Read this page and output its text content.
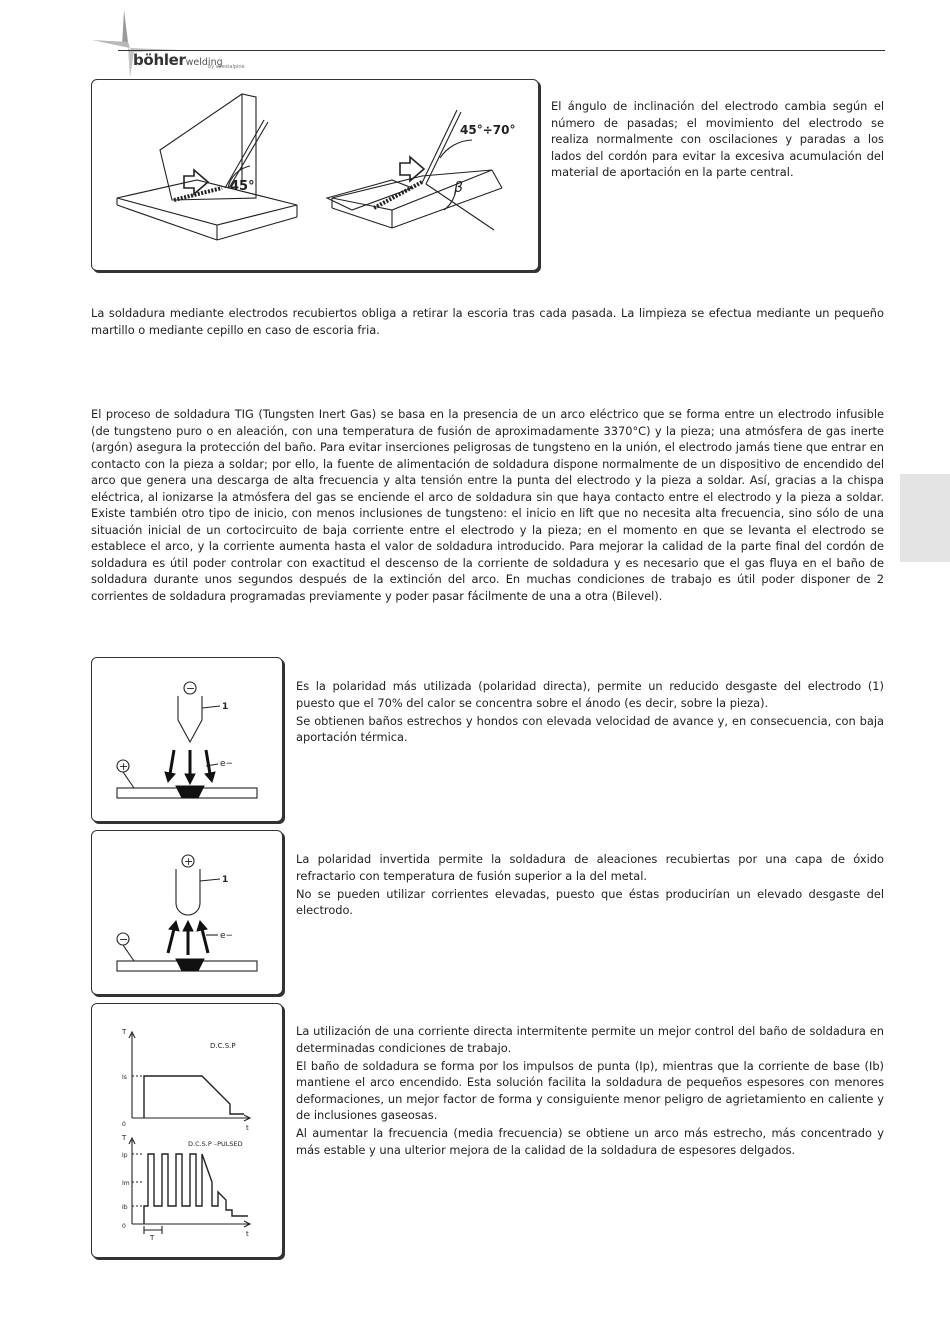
böhlerwelding
by voestalpine
45°
45°÷70°
β

El ángulo de inclinación del electrodo cambia según el número de pasadas; el movimiento del electrodo se realiza normalmente con oscilaciones y paradas a los lados del cordón para evitar la excesiva acumulación del material de aportación en la parte central.

La soldadura mediante electrodos recubiertos obliga a retirar la escoria tras cada pasada. La limpieza se efectua mediante un pequeño martillo o mediante cepillo en caso de escoria fria.

El proceso de soldadura TIG (Tungsten Inert Gas) se basa en la presencia de un arco eléctrico que se forma entre un electrodo infusible (de tungsteno puro o en aleación, con una temperatura de fusión de aproximadamente 3370°C) y la pieza; una atmósfera de gas inerte (argón) asegura la protección del baño. Para evitar inserciones peligrosas de tungsteno en la unión, el electrodo jamás tiene que entrar en contacto con la pieza a soldar; por ello, la fuente de alimentación de soldadura dispone normalmente de un dispositivo de encendido del arco que genera una descarga de alta frecuencia y alta tensión entre la punta del electrodo y la pieza a soldar. Así, gracias a la chispa eléctrica, al ionizarse la atmósfera del gas se enciende el arco de soldadura sin que haya contacto entre el electrodo y la pieza a soldar. Existe también otro tipo de inicio, con menos inclusiones de tungsteno: el inicio en lift que no necesita alta frecuencia, sino sólo de una situación inicial de un cortocircuito de baja corriente entre el electrodo y la pieza; en el momento en que se levanta el electrodo se establece el arco, y la corriente aumenta hasta el valor de soldadura introducido. Para mejorar la calidad de la parte final del cordón de soldadura es útil poder controlar con exactitud el descenso de la corriente de soldadura y es necesario que el gas fluya en el baño de soldadura durante unos segundos después de la extinción del arco. En muchas condiciones de trabajo es útil poder disponer de 2 corrientes de soldadura programadas previamente y poder pasar fácilmente de una a otra (Bilevel).

−
+
1
e−

Es la polaridad más utilizada (polaridad directa), permite un reducido desgaste del electrodo (1) puesto que el 70% del calor se concentra sobre el ánodo (es decir, sobre la pieza).

Se obtienen baños estrechos y hondos con elevada velocidad de avance y, en consecuencia, con baja aportación térmica.

+
−
1
e−

La polaridad invertida permite la soldadura de aleaciones recubiertas por una capa de óxido refractario con temperatura de fusión superior a la del metal.

No se pueden utilizar corrientes elevadas, puesto que éstas producirían un elevado desgaste del electrodo.

D.C.S.P
T
Is
0	t
D.C.S.P –PULSED
T
Ip
Im
Ib
0
T	t

La utilización de una corriente directa intermitente permite un mejor control del baño de soldadura en determinadas condiciones de trabajo.

El baño de soldadura se forma por los impulsos de punta (Ip), mientras que la corriente de base (Ib) mantiene el arco encendido. Esta solución facilita la soldadura de pequeños espesores con menores deformaciones, un mejor factor de forma y consiguiente menor peligro de agrietamiento en caliente y de inclusiones gaseosas.

Al aumentar la frecuencia (media frecuencia) se obtiene un arco más estrecho, más concentrado y más estable y una ulterior mejora de la calidad de la soldadura de espesores delgados.
